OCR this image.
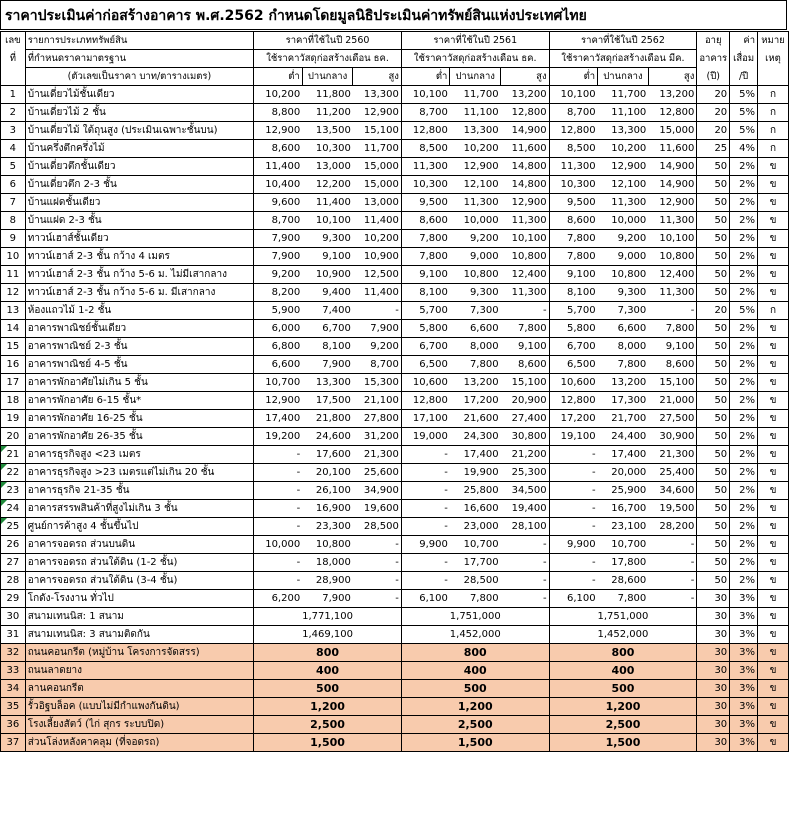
ราคาประเมินค่าก่อสร้างอาคาร พ.ศ.2562 กำหนดโดยมูลนิธิประเมินค่าทรัพย์สินแห่งประเทศไทย
เลข	รายการประเภททรัพย์สิน	ราคาที่ใช้ในปี 2560			ราคาที่ใช้ในปี 2561			ราคาที่ใช้ในปี 2562			อายุ	ค่า	หมาย
ที่	ที่กำหนดราคามาตรฐาน	ใช้ราคาวัสดุก่อสร้างเดือน ธค.			ใช้ราคาวัสดุก่อสร้างเดือน ธค.			ใช้ราคาวัสดุก่อสร้างเดือน มีค.			อาคาร	เสื่อม	เหตุ
	(ตัวเลขเป็นราคา บาท/ตารางเมตร)	ต่ำ	ปานกลาง	สูง	ต่ำ	ปานกลาง	สูง	ต่ำ	ปานกลาง	สูง	(ปี)	/ปี	
1	บ้านเดี่ยวไม้ชั้นเดียว	10,200	11,800	13,300	10,100	11,700	13,200	10,100	11,700	13,200	20	5%	ก
2	บ้านเดี่ยวไม้ 2 ชั้น	8,800	11,200	12,900	8,700	11,100	12,800	8,700	11,100	12,800	20	5%	ก
3	บ้านเดี่ยวไม้ ใต้ถุนสูง (ประเมินเฉพาะชั้นบน)	12,900	13,500	15,100	12,800	13,300	14,900	12,800	13,300	15,000	20	5%	ก
4	บ้านครึ่งตึกครึ่งไม้	8,600	10,300	11,700	8,500	10,200	11,600	8,500	10,200	11,600	25	4%	ก
5	บ้านเดี่ยวตึกชั้นเดียว	11,400	13,000	15,000	11,300	12,900	14,800	11,300	12,900	14,900	50	2%	ข
6	บ้านเดี่ยวตึก 2-3 ชั้น	10,400	12,200	15,000	10,300	12,100	14,800	10,300	12,100	14,900	50	2%	ข
7	บ้านแฝดชั้นเดียว	9,600	11,400	13,000	9,500	11,300	12,900	9,500	11,300	12,900	50	2%	ข
8	บ้านแฝด 2-3 ชั้น	8,700	10,100	11,400	8,600	10,000	11,300	8,600	10,000	11,300	50	2%	ข
9	ทาวน์เฮาส์ชั้นเดียว	7,900	9,300	10,200	7,800	9,200	10,100	7,800	9,200	10,100	50	2%	ข
10	ทาวน์เฮาส์ 2-3 ชั้น กว้าง 4 เมตร	7,900	9,100	10,900	7,800	9,000	10,800	7,800	9,000	10,800	50	2%	ข
11	ทาวน์เฮาส์ 2-3 ชั้น กว้าง 5-6 ม. ไม่มีเสากลาง	9,200	10,900	12,500	9,100	10,800	12,400	9,100	10,800	12,400	50	2%	ข
12	ทาวน์เฮาส์ 2-3 ชั้น กว้าง 5-6 ม. มีเสากลาง	8,200	9,400	11,400	8,100	9,300	11,300	8,100	9,300	11,300	50	2%	ข
13	ห้องแถวไม้ 1-2 ชั้น	5,900	7,400	-	5,700	7,300	-	5,700	7,300	-	20	5%	ก
14	อาคารพาณิชย์ชั้นเดียว	6,000	6,700	7,900	5,800	6,600	7,800	5,800	6,600	7,800	50	2%	ข
15	อาคารพาณิชย์ 2-3 ชั้น	6,800	8,100	9,200	6,700	8,000	9,100	6,700	8,000	9,100	50	2%	ข
16	อาคารพาณิชย์ 4-5 ชั้น	6,600	7,900	8,700	6,500	7,800	8,600	6,500	7,800	8,600	50	2%	ข
17	อาคารพักอาศัยไม่เกิน 5 ชั้น	10,700	13,300	15,300	10,600	13,200	15,100	10,600	13,200	15,100	50	2%	ข
18	อาคารพักอาศัย 6-15 ชั้น*	12,900	17,500	21,100	12,800	17,200	20,900	12,800	17,300	21,000	50	2%	ข
19	อาคารพักอาศัย 16-25 ชั้น	17,400	21,800	27,800	17,100	21,600	27,400	17,200	21,700	27,500	50	2%	ข
20	อาคารพักอาศัย 26-35 ชั้น	19,200	24,600	31,200	19,000	24,300	30,800	19,100	24,400	30,900	50	2%	ข
21	อาคารธุรกิจสูง <23 เมตร	-	17,600	21,300	-	17,400	21,200	-	17,400	21,300	50	2%	ข
22	อาคารธุรกิจสูง >23 เมตรแต่ไม่เกิน 20 ชั้น	-	20,100	25,600	-	19,900	25,300	-	20,000	25,400	50	2%	ข
23	อาคารธุรกิจ 21-35 ชั้น	-	26,100	34,900	-	25,800	34,500	-	25,900	34,600	50	2%	ข
24	อาคารสรรพสินค้าที่สูงไม่เกิน 3 ชั้น	-	16,900	19,600	-	16,600	19,400	-	16,700	19,500	50	2%	ข
25	ศูนย์การค้าสูง 4 ชั้นขึ้นไป	-	23,300	28,500	-	23,000	28,100	-	23,100	28,200	50	2%	ข
26	อาคารจอดรถ ส่วนบนดิน	10,000	10,800	-	9,900	10,700	-	9,900	10,700	-	50	2%	ข
27	อาคารจอดรถ ส่วนใต้ดิน (1-2 ชั้น)	-	18,000	-	-	17,700	-	-	17,800	-	50	2%	ข
28	อาคารจอดรถ ส่วนใต้ดิน (3-4 ชั้น)	-	28,900	-	-	28,500	-	-	28,600	-	50	2%	ข
29	โกดัง-โรงงาน ทั่วไป	6,200	7,900	-	6,100	7,800	-	6,100	7,800	-	30	3%	ข
30	สนามเทนนิส: 1 สนาม	1,771,100			1,751,000			1,751,000			30	3%	ข
31	สนามเทนนิส: 3 สนามติดกัน	1,469,100			1,452,000			1,452,000			30	3%	ข
32	ถนนคอนกรีต (หมู่บ้าน โครงการจัดสรร)	800			800			800			30	3%	ข
33	ถนนลาดยาง	400			400			400			30	3%	ข
34	ลานคอนกรีต	500			500			500			30	3%	ข
35	รั้วอิฐบล็อค (แบบไม่มีกำแพงกันดิน)	1,200			1,200			1,200			30	3%	ข
36	โรงเลี้ยงสัตว์ (ไก่ สุกร ระบบปิด)	2,500			2,500			2,500			30	3%	ข
37	ส่วนโล่งหลังคาคลุม (ที่จอดรถ)	1,500			1,500			1,500			30	3%	ข
